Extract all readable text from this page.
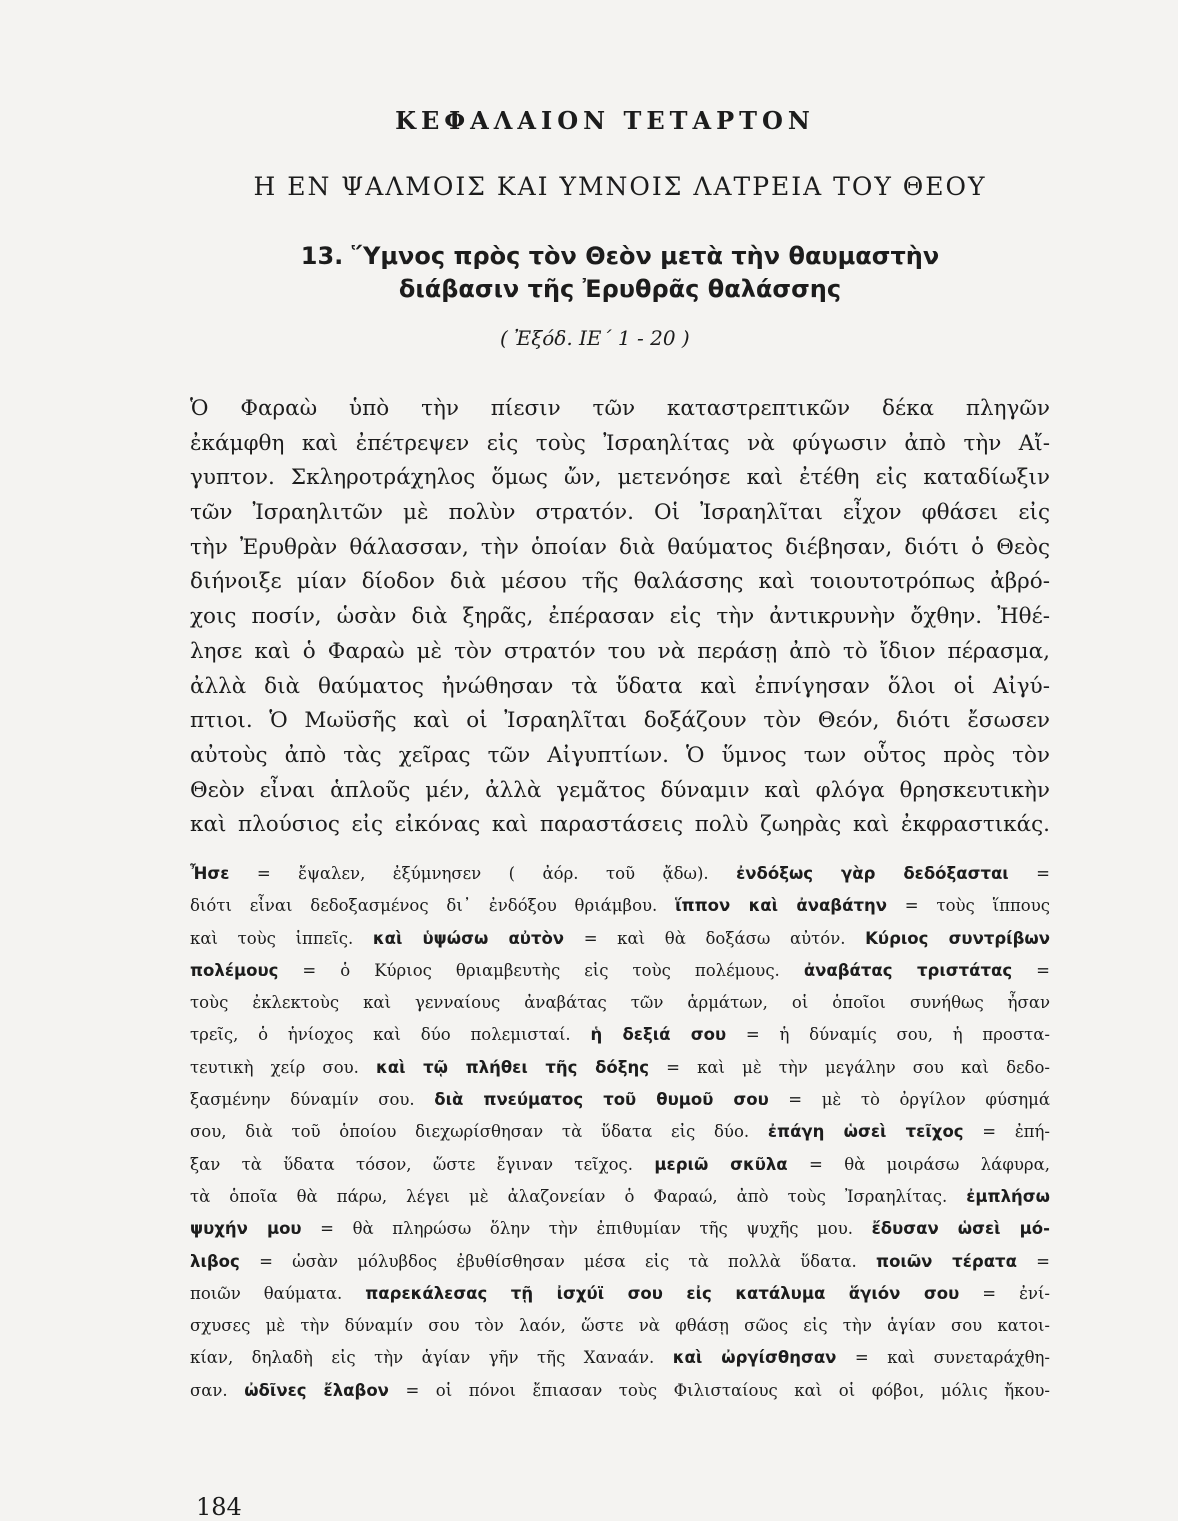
ΚΕΦΑΛΑΙΟΝ ΤΕΤΑΡΤΟΝ
Η ΕΝ ΨΑΛΜΟΙΣ ΚΑΙ ΥΜΝΟΙΣ ΛΑΤΡΕΙΑ ΤΟΥ ΘΕΟΥ
13. Ὕμνος πρὸς τὸν Θεὸν μετὰ τὴν θαυμαστὴν
διάβασιν τῆς Ἐρυθρᾶς θαλάσσης
( Ἐξόδ. ΙΕ΄ 1 - 20 )
Ὁ Φαραὼ ὑπὸ τὴν πίεσιν τῶν καταστρεπτικῶν δέκα πληγῶν
ἐκάμφθη καὶ ἐπέτρεψεν εἰς τοὺς Ἰσραηλίτας νὰ φύγωσιν ἀπὸ τὴν Αἴ-
γυπτον. Σκληροτράχηλος ὅμως ὤν, μετενόησε καὶ ἐτέθη εἰς καταδίωξιν
τῶν Ἰσραηλιτῶν μὲ πολὺν στρατόν. Οἱ Ἰσραηλῖται εἶχον φθάσει εἰς
τὴν Ἐρυθρὰν θάλασσαν, τὴν ὁποίαν διὰ θαύματος διέβησαν, διότι ὁ Θεὸς
διήνοιξε μίαν δίοδον διὰ μέσου τῆς θαλάσσης καὶ τοιουτοτρόπως ἀβρό-
χοις ποσίν, ὡσὰν διὰ ξηρᾶς, ἐπέρασαν εἰς τὴν ἀντικρυνὴν ὄχθην. Ἠθέ-
λησε καὶ ὁ Φαραὼ μὲ τὸν στρατόν του νὰ περάσῃ ἀπὸ τὸ ἴδιον πέρασμα,
ἀλλὰ διὰ θαύματος ἠνώθησαν τὰ ὕδατα καὶ ἐπνίγησαν ὅλοι οἱ Αἰγύ-
πτιοι. Ὁ Μωϋσῆς καὶ οἱ Ἰσραηλῖται δοξάζουν τὸν Θεόν, διότι ἔσωσεν
αὐτοὺς ἀπὸ τὰς χεῖρας τῶν Αἰγυπτίων. Ὁ ὕμνος των οὗτος πρὸς τὸν
Θεὸν εἶναι ἁπλοῦς μέν, ἀλλὰ γεμᾶτος δύναμιν καὶ φλόγα θρησκευτικὴν
καὶ πλούσιος εἰς εἰκόνας καὶ παραστάσεις πολὺ ζωηρὰς καὶ ἐκφραστικάς.
Ἦσε = ἔψαλεν, ἐξύμνησεν ( ἀόρ. τοῦ ᾄδω). ἐνδόξως γὰρ δεδόξασται =
διότι εἶναι δεδοξασμένος δι᾽ ἐνδόξου θριάμβου. ἵππον καὶ ἀναβάτην = τοὺς ἵππους
καὶ τοὺς ἱππεῖς. καὶ ὑψώσω αὐτὸν = καὶ θὰ δοξάσω αὐτόν. Κύριος συντρίβων
πολέμους = ὁ Κύριος θριαμβευτὴς εἰς τοὺς πολέμους. ἀναβάτας τριστάτας =
τοὺς ἐκλεκτοὺς καὶ γενναίους ἀναβάτας τῶν ἁρμάτων, οἱ ὁποῖοι συνήθως ἦσαν
τρεῖς, ὁ ἡνίοχος καὶ δύο πολεμισταί. ἡ δεξιά σου = ἡ δύναμίς σου, ἡ προστα-
τευτικὴ χείρ σου. καὶ τῷ πλήθει τῆς δόξης = καὶ μὲ τὴν μεγάλην σου καὶ δεδο-
ξασμένην δύναμίν σου. διὰ πνεύματος τοῦ θυμοῦ σου = μὲ τὸ ὀργίλον φύσημά
σου, διὰ τοῦ ὁποίου διεχωρίσθησαν τὰ ὕδατα εἰς δύο. ἐπάγη ὡσεὶ τεῖχος = ἐπή-
ξαν τὰ ὕδατα τόσον, ὥστε ἔγιναν τεῖχος. μεριῶ σκῦλα = θὰ μοιράσω λάφυρα,
τὰ ὁποῖα θὰ πάρω, λέγει μὲ ἀλαζονείαν ὁ Φαραώ, ἀπὸ τοὺς Ἰσραηλίτας. ἐμπλήσω
ψυχήν μου = θὰ πληρώσω ὅλην τὴν ἐπιθυμίαν τῆς ψυχῆς μου. ἔδυσαν ὡσεὶ μό-
λιβος = ὡσὰν μόλυβδος ἐβυθίσθησαν μέσα εἰς τὰ πολλὰ ὕδατα. ποιῶν τέρατα =
ποιῶν θαύματα. παρεκάλεσας τῇ ἰσχύϊ σου εἰς κατάλυμα ἅγιόν σου = ἐνί-
σχυσες μὲ τὴν δύναμίν σου τὸν λαόν, ὥστε νὰ φθάσῃ σῶος εἰς τὴν ἁγίαν σου κατοι-
κίαν, δηλαδὴ εἰς τὴν ἁγίαν γῆν τῆς Χαναάν. καὶ ὠργίσθησαν = καὶ συνεταράχθη-
σαν. ὠδῖνες ἔλαβον = οἱ πόνοι ἔπιασαν τοὺς Φιλισταίους καὶ οἱ φόβοι, μόλις ἤκου-
184
